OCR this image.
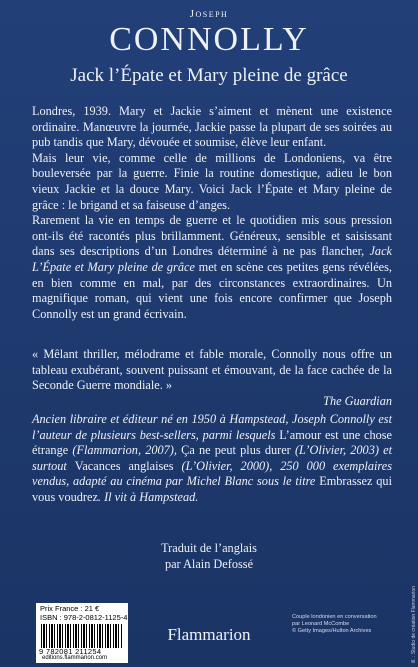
Joseph
CONNOLLY
Jack l’Épate et Mary pleine de grâce

Londres, 1939. Mary et Jackie s’aiment et mènent une existence ordinaire. Manœuvre la journée, Jackie passe la plupart de ses soirées au pub tandis que Mary, dévouée et soumise, élève leur enfant.

Mais leur vie, comme celle de millions de Londoniens, va être bouleversée par la guerre. Finie la routine domestique, adieu le bon vieux Jackie et la douce Mary. Voici Jack l’Épate et Mary pleine de grâce : le brigand et sa faiseuse d’anges.

Rarement la vie en temps de guerre et le quotidien mis sous pression ont-ils été racontés plus brillamment. Généreux, sensible et saisissant dans ses descriptions d’un Londres déterminé à ne pas flancher, Jack L’Épate et Mary pleine de grâce met en scène ces petites gens révélées, en bien comme en mal, par des circonstances extraordinaires. Un magnifique roman, qui vient une fois encore confirmer que Joseph Connolly est un grand écrivain.

« Mêlant thriller, mélodrame et fable morale, Connolly nous offre un tableau exubérant, souvent puissant et émouvant, de la face cachée de la Seconde Guerre mondiale. »

The Guardian

Ancien libraire et éditeur né en 1950 à Hampstead, Joseph Connolly est l’auteur de plusieurs best-sellers, parmi lesquels L’amour est une chose étrange (Flammarion, 2007), Ça ne peut plus durer (L’Olivier, 2003) et surtout Vacances anglaises (L’Olivier, 2000), 250 000 exemplaires vendus, adapté au cinéma par Michel Blanc sous le titre Embrassez qui vous voudrez. Il vit à Hampstead.

Traduit de l’anglais
par Alain Defossé
Prix France : 21 €
ISBN : 978-2-0812-1125-4
9 782081 211254
editions.flammarion.com
Flammarion
Couple londonien en conversation
par Leonard McCombe
© Getty Images/Hulton Archives	ill. : Studio de création Flammarion
